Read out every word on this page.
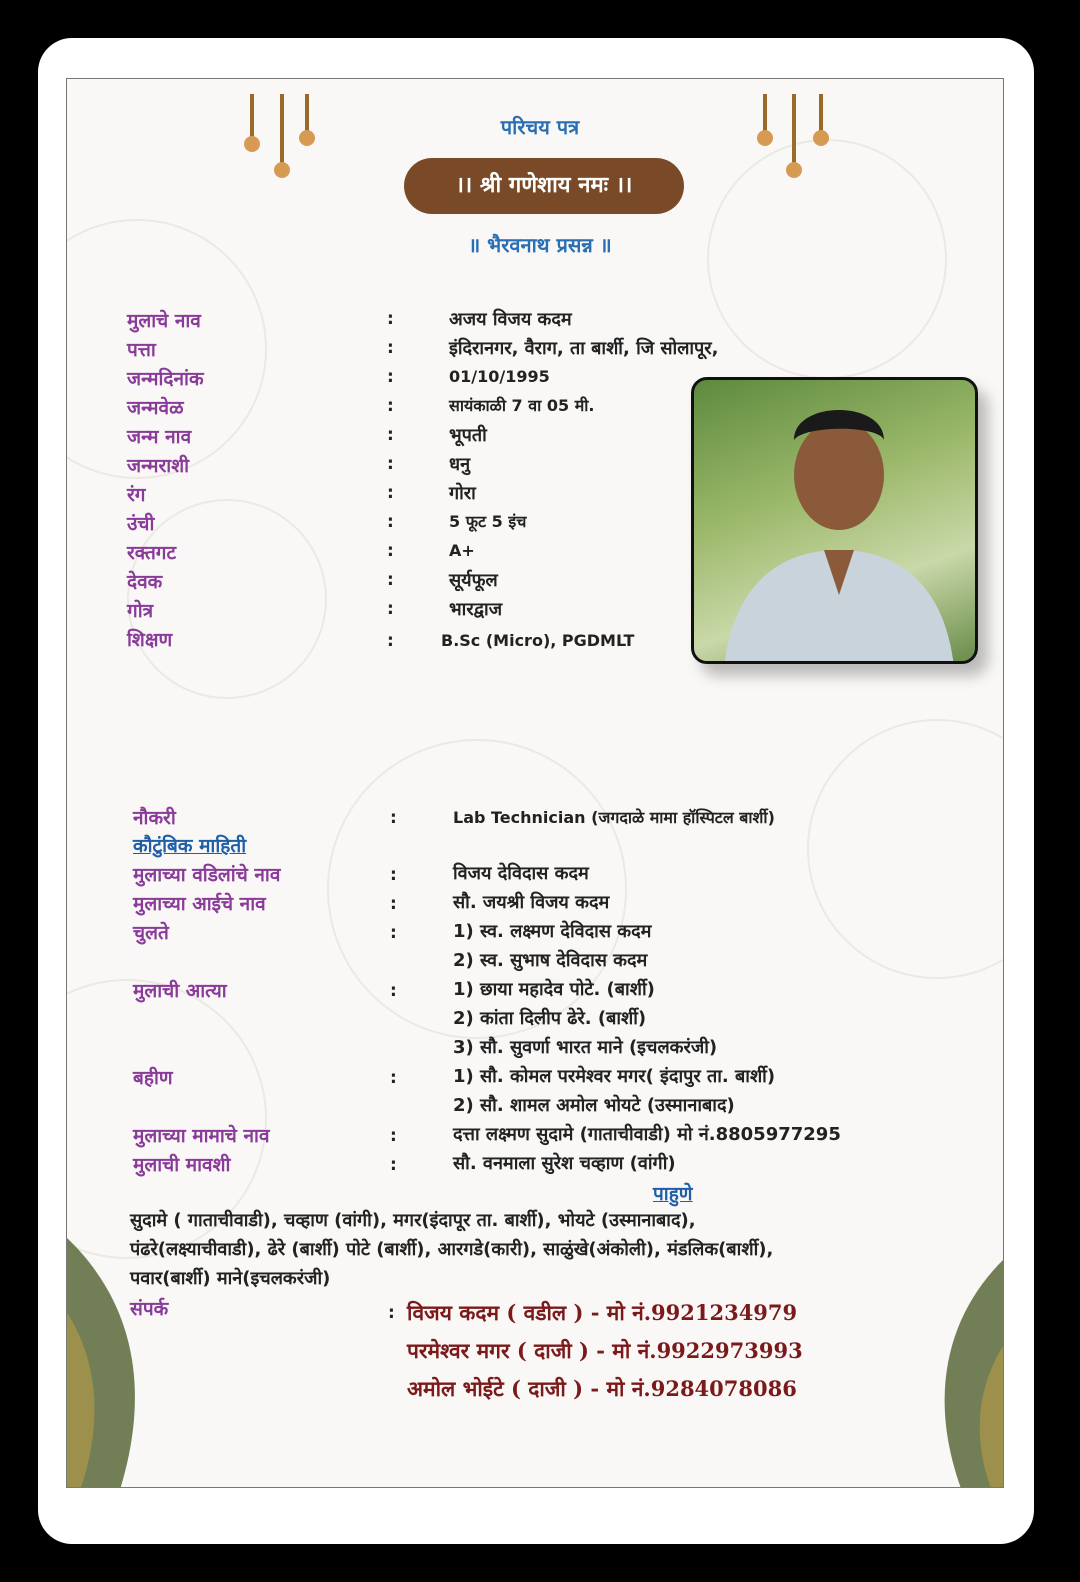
परिचय पत्र
।। श्री गणेशाय नमः ।।
॥ भैरवनाथ प्रसन्न ॥
मुलाचे नाव	:	अजय विजय कदम
पत्ता	:	इंदिरानगर, वैराग, ता बार्शी, जि सोलापूर,
जन्मदिनांक	:	01/10/1995
जन्मवेळ	:	सायंकाळी 7 वा 05 मी.
जन्म नाव	:	भूपती
जन्मराशी	:	धनु
रंग	:	गोरा
उंची	:	5 फूट 5 इंच
रक्तगट	:	A+
देवक	:	सूर्यफूल
गोत्र	:	भारद्वाज
शिक्षण	:	B.Sc (Micro), PGDMLT
नौकरी	:	Lab Technician (जगदाळे मामा हॉस्पिटल बार्शी)
कौटुंबिक माहिती
मुलाच्या वडिलांचे नाव	:	विजय देविदास कदम
मुलाच्या आईचे नाव	:	सौ. जयश्री विजय कदम
चुलते	:	1) स्व. लक्ष्मण देविदास कदम
2) स्व. सुभाष देविदास कदम
मुलाची आत्या	:	1) छाया महादेव पोटे. (बार्शी)
2) कांता दिलीप ढेरे. (बार्शी)
3) सौ. सुवर्णा भारत माने (इचलकरंजी)
बहीण	:	1) सौ. कोमल परमेश्वर मगर( इंदापुर ता. बार्शी)
2) सौ. शामल अमोल भोयटे (उस्मानाबाद)
मुलाच्या मामाचे नाव	:	दत्ता लक्ष्मण सुदामे (गाताचीवाडी) मो नं.8805977295
मुलाची मावशी	:	सौ. वनमाला सुरेश चव्हाण (वांगी)
पाहुणे
सुदामे ( गाताचीवाडी), चव्हाण (वांगी), मगर(इंदापूर ता. बार्शी), भोयटे (उस्मानाबाद),
पंढरे(लक्ष्याचीवाडी), ढेरे (बार्शी) पोटे (बार्शी), आरगडे(कारी), साळुंखे(अंकोली), मंडलिक(बार्शी),
पवार(बार्शी) माने(इचलकरंजी)
संपर्क	: विजय कदम ( वडील ) - मो नं.9921234979
परमेश्वर मगर ( दाजी ) - मो नं.9922973993
अमोल भोईटे ( दाजी ) - मो नं.9284078086
